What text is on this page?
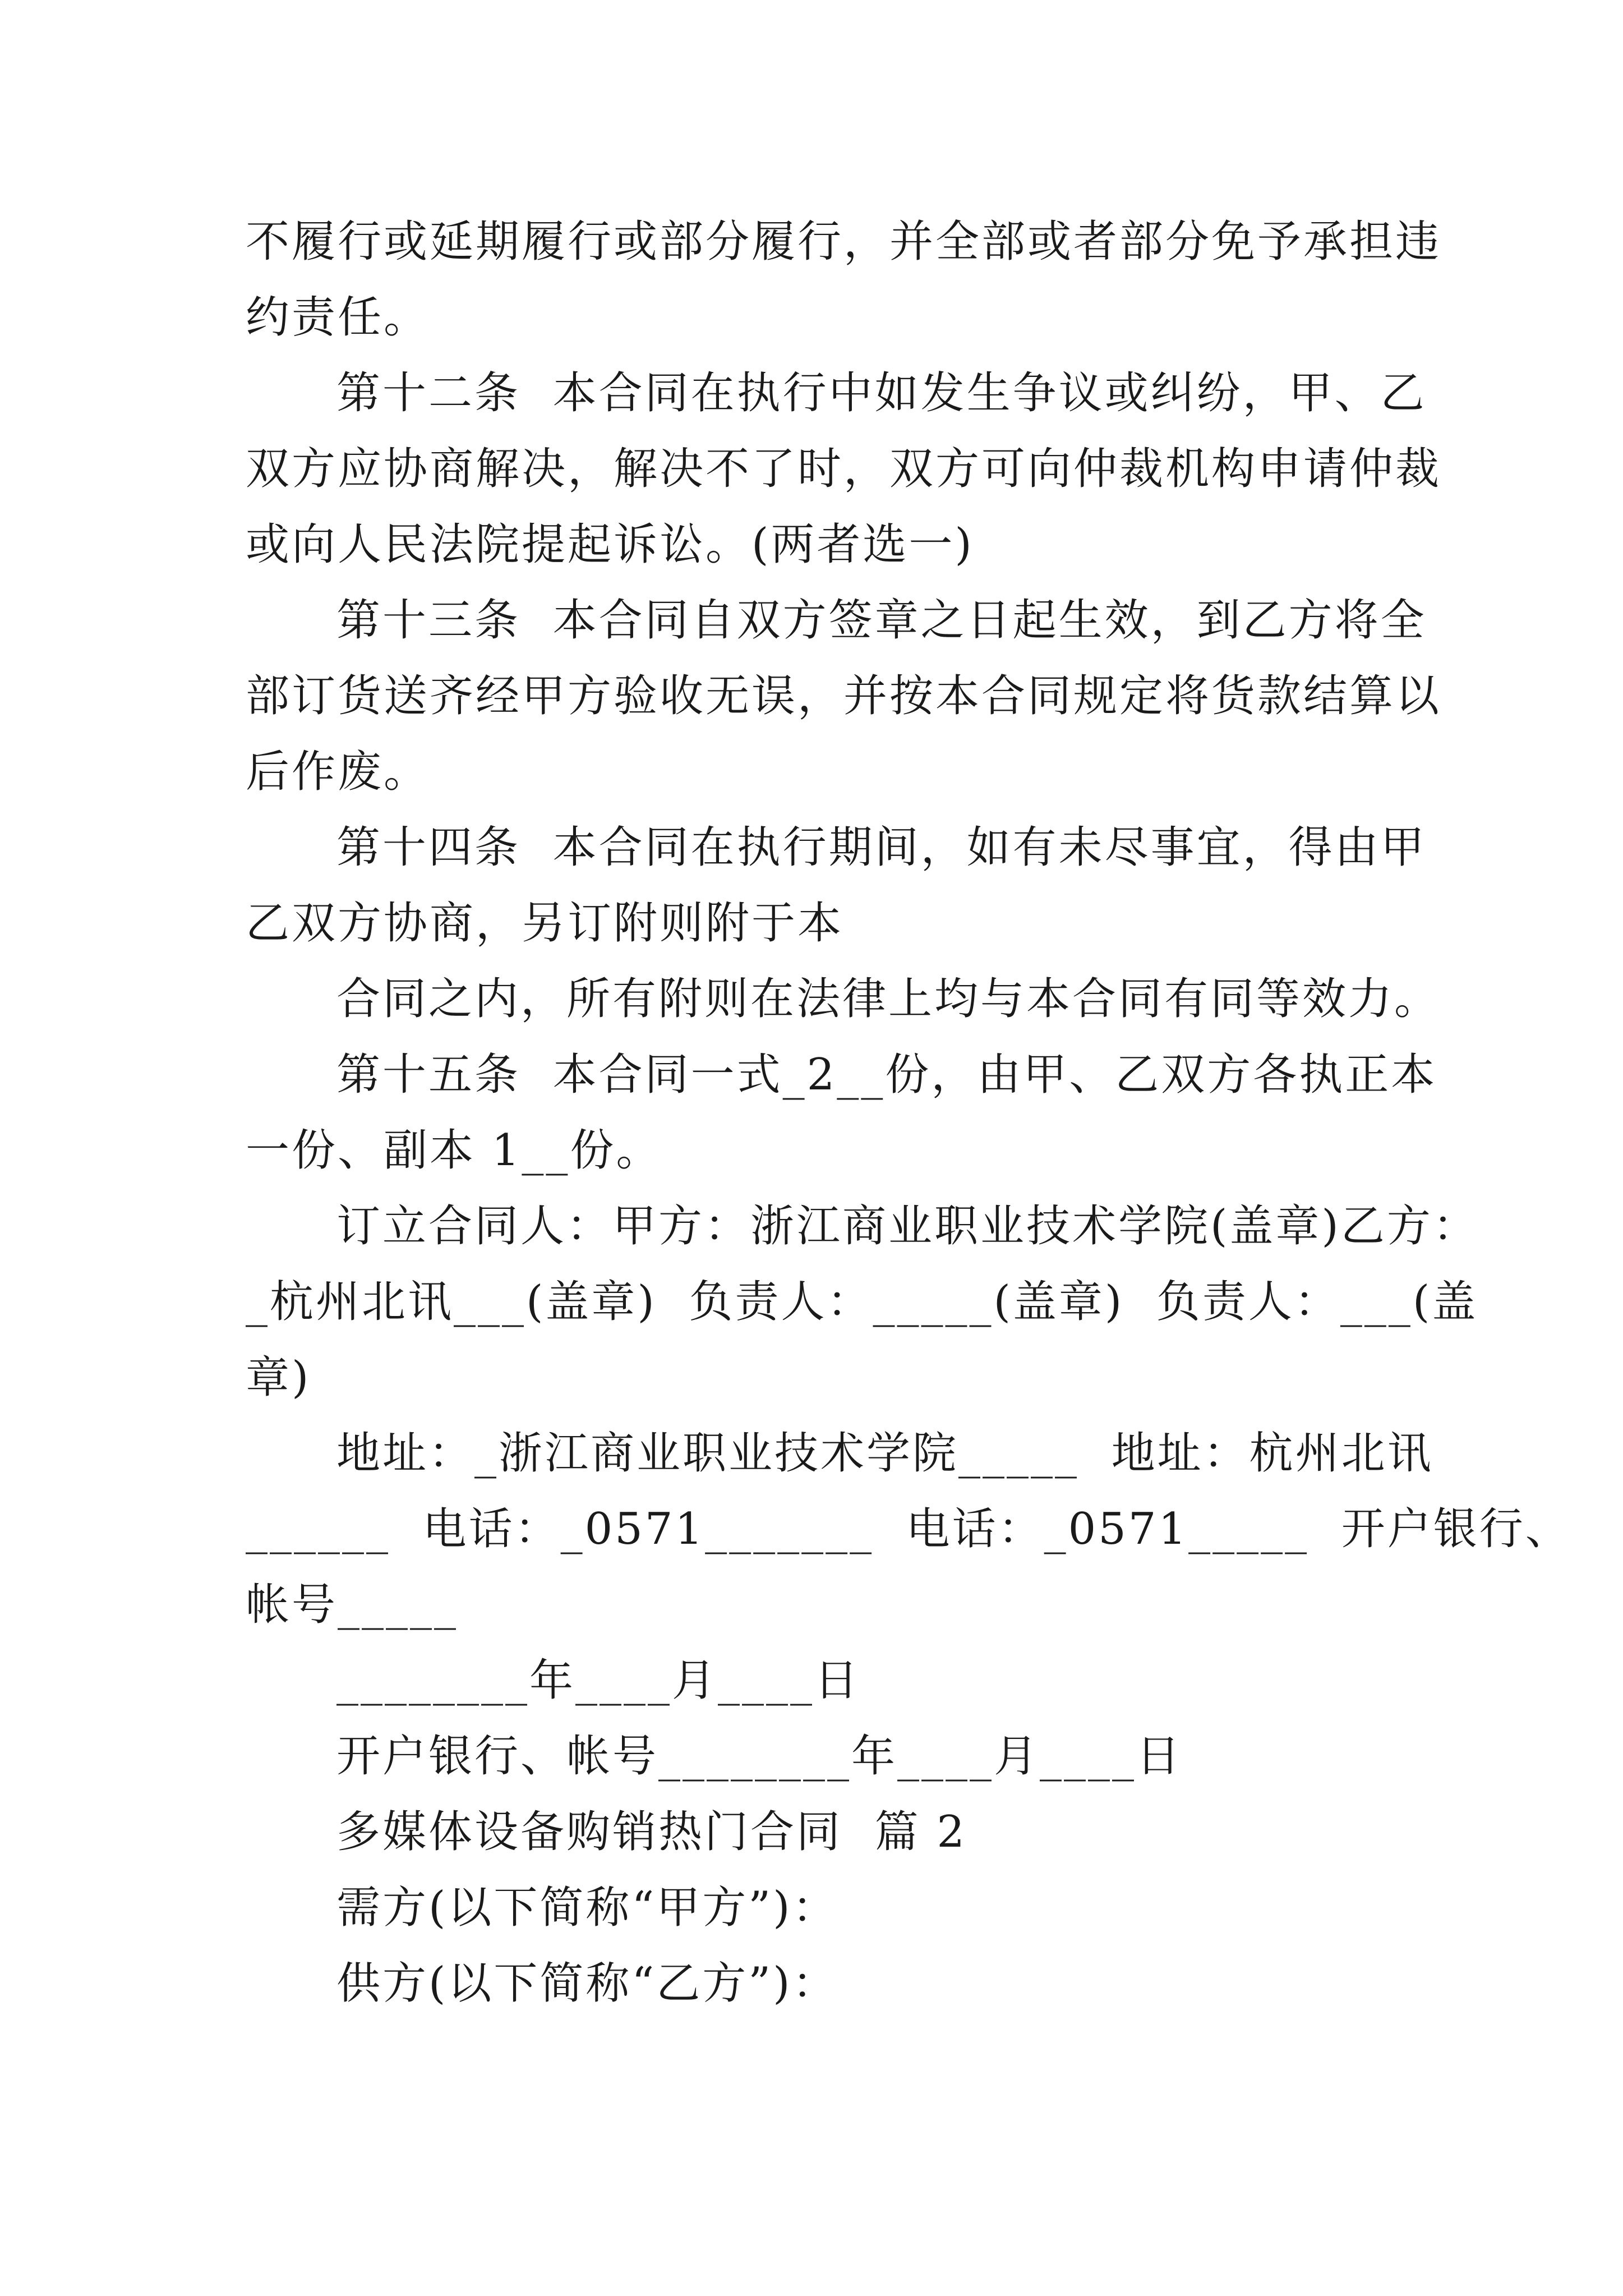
不履行或延期履行或部分履行，并全部或者部分免予承担违
约责任。
第十二条  本合同在执行中如发生争议或纠纷，甲、乙
双方应协商解决，解决不了时，双方可向仲裁机构申请仲裁
或向人民法院提起诉讼。(两者选一)
第十三条  本合同自双方签章之日起生效，到乙方将全
部订货送齐经甲方验收无误，并按本合同规定将货款结算以
后作废。
第十四条  本合同在执行期间，如有未尽事宜，得由甲
乙双方协商，另订附则附于本
合同之内，所有附则在法律上均与本合同有同等效力。
第十五条  本合同一式_2__份，由甲、乙双方各执正本
一份、副本 1__份。
订立合同人：甲方：浙江商业职业技术学院(盖章)乙方：
_杭州北讯___(盖章)  负责人：_____(盖章)  负责人：___(盖
章)
地址：_浙江商业职业技术学院_____  地址：杭州北讯
______  电话：_0571_______  电话：_0571_____  开户银行、
帐号_____
________年____月____日
开户银行、帐号________年____月____日
多媒体设备购销热门合同  篇 2
需方(以下简称“甲方”)：
供方(以下简称“乙方”)：
